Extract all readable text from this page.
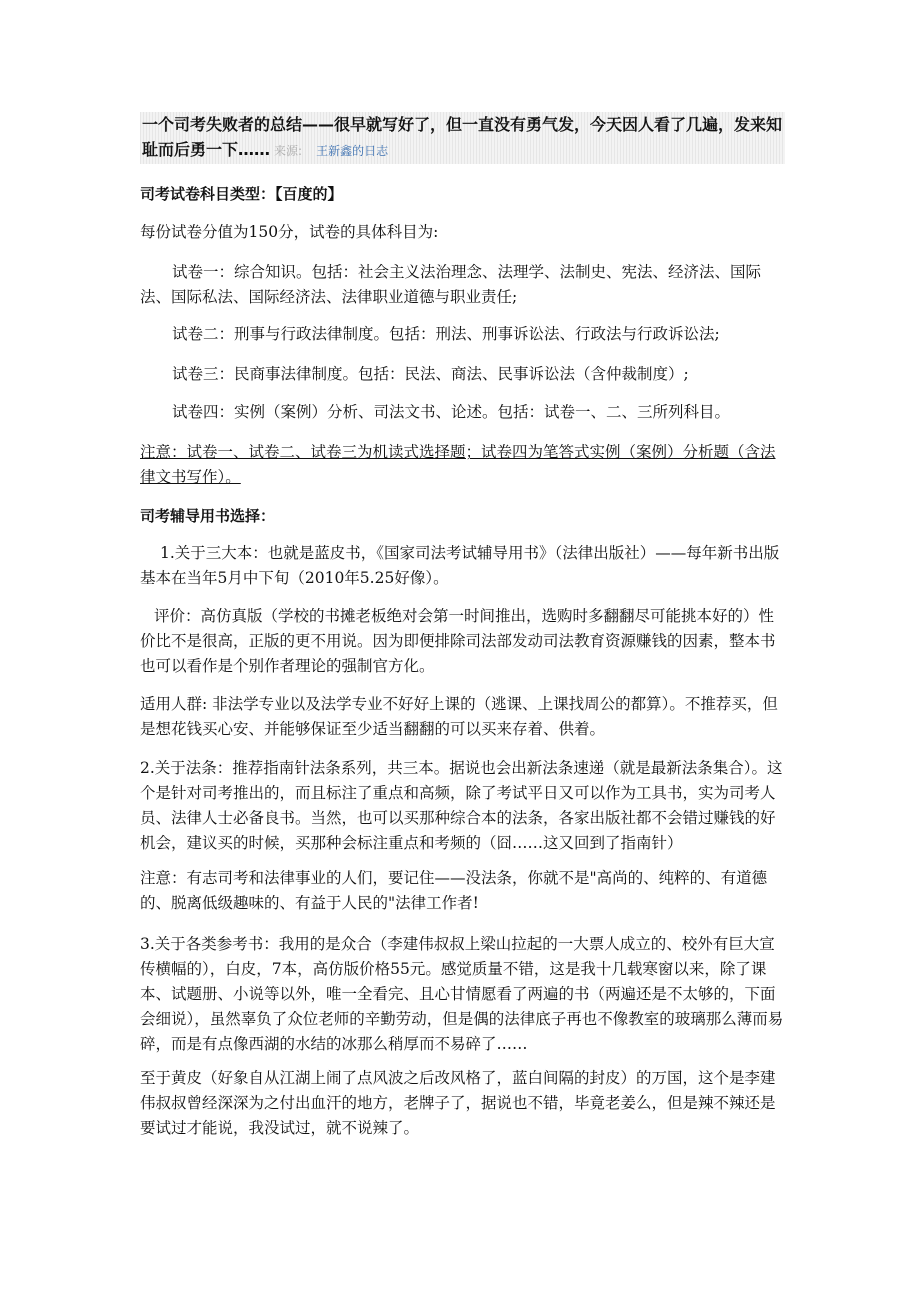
一个司考失败者的总结——很早就写好了，但一直没有勇气发，今天因人看了几遍，发来知耻而后勇一下…… 来源: 王新鑫的日志

司考试卷科目类型：【百度的】

每份试卷分值为150分，试卷的具体科目为:

试卷一：综合知识。包括：社会主义法治理念、法理学、法制史、宪法、经济法、国际法、国际私法、国际经济法、法律职业道德与职业责任;

试卷二：刑事与行政法律制度。包括：刑法、刑事诉讼法、行政法与行政诉讼法;

试卷三：民商事法律制度。包括：民法、商法、民事诉讼法（含仲裁制度）;

试卷四：实例（案例）分析、司法文书、论述。包括：试卷一、二、三所列科目。

注意：试卷一、试卷二、试卷三为机读式选择题；试卷四为笔答式实例（案例）分析题（含法律文书写作）。

司考辅导用书选择：

1.关于三大本：也就是蓝皮书，《国家司法考试辅导用书》（法律出版社）——每年新书出版基本在当年5月中下旬（2010年5.25好像）。

评价：高仿真版（学校的书摊老板绝对会第一时间推出，选购时多翻翻尽可能挑本好的）性价比不是很高，正版的更不用说。因为即便排除司法部发动司法教育资源赚钱的因素，整本书也可以看作是个别作者理论的强制官方化。

适用人群: 非法学专业以及法学专业不好好上课的（逃课、上课找周公的都算）。不推荐买，但是想花钱买心安、并能够保证至少适当翻翻的可以买来存着、供着。

2.关于法条：推荐指南针法条系列，共三本。据说也会出新法条速递（就是最新法条集合）。这个是针对司考推出的，而且标注了重点和高频，除了考试平日又可以作为工具书，实为司考人员、法律人士必备良书。当然，也可以买那种综合本的法条，各家出版社都不会错过赚钱的好机会，建议买的时候，买那种会标注重点和考频的（囧……这又回到了指南针）

注意：有志司考和法律事业的人们，要记住——没法条，你就不是"高尚的、纯粹的、有道德的、脱离低级趣味的、有益于人民的"法律工作者!

3.关于各类参考书：我用的是众合（李建伟叔叔上梁山拉起的一大票人成立的、校外有巨大宣传横幅的），白皮，7本，高仿版价格55元。感觉质量不错，这是我十几载寒窗以来，除了课本、试题册、小说等以外，唯一全看完、且心甘情愿看了两遍的书（两遍还是不太够的，下面会细说），虽然辜负了众位老师的辛勤劳动，但是偶的法律底子再也不像教室的玻璃那么薄而易碎，而是有点像西湖的水结的冰那么稍厚而不易碎了……

至于黄皮（好象自从江湖上闹了点风波之后改风格了，蓝白间隔的封皮）的万国，这个是李建伟叔叔曾经深深为之付出血汗的地方，老牌子了，据说也不错，毕竟老姜么，但是辣不辣还是要试过才能说，我没试过，就不说辣了。
